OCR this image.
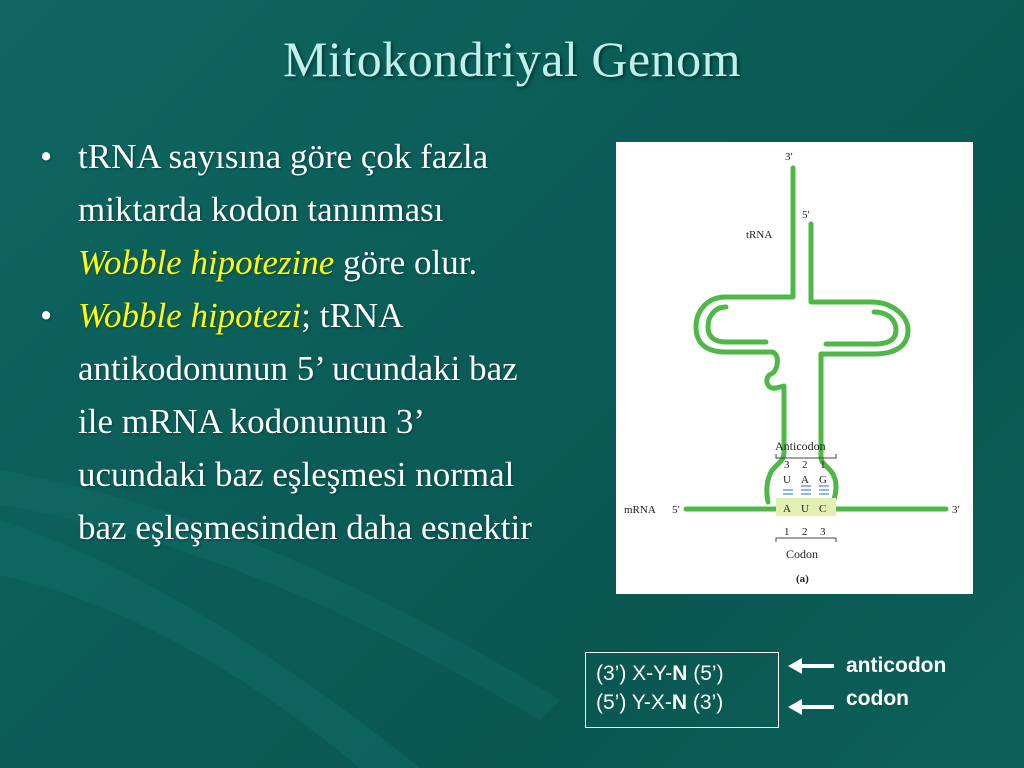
Mitokondriyal Genom
• tRNA sayısına göre çok fazla miktarda kodon tanınması Wobble hipotezine göre olur.
• Wobble hipotezi; tRNA antikodonunun 5’ ucundaki baz ile mRNA kodonunun 3’ ucundaki baz eşleşmesi normal baz eşleşmesinden daha esnektir
3′
5′
tRNA
Anticodon
3 2 1
U A G
mRNA 5′	3′
A U C
1 2 3
Codon
(a)
(3’) X-Y-N (5’)
(5’) Y-X-N (3’)
anticodon
codon
